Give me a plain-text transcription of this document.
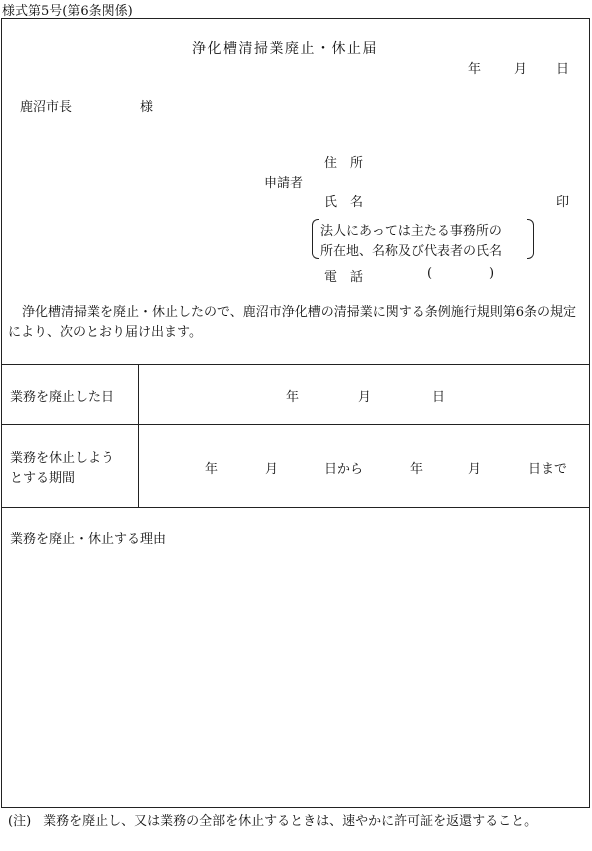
様式第5号(第6条関係)
浄化槽清掃業廃止・休止届
年	月 日
鹿沼市長	様
住　所
申請者
氏　名	印
法人にあっては主たる事務所の
所在地、名称及び代表者の氏名
電　話	(	)
浄化槽清掃業を廃止・休止したので、鹿沼市浄化槽の清掃業に関する条例施行規則第6条の規定により、次のとおり届け出ます。
業務を廃止した日	年	月	日
業務を休止しよう
とする期間
年	月	日から	年	月	日まで
業務を廃止・休止する理由
(注) 業務を廃止し、又は業務の全部を休止するときは、速やかに許可証を返還すること。
